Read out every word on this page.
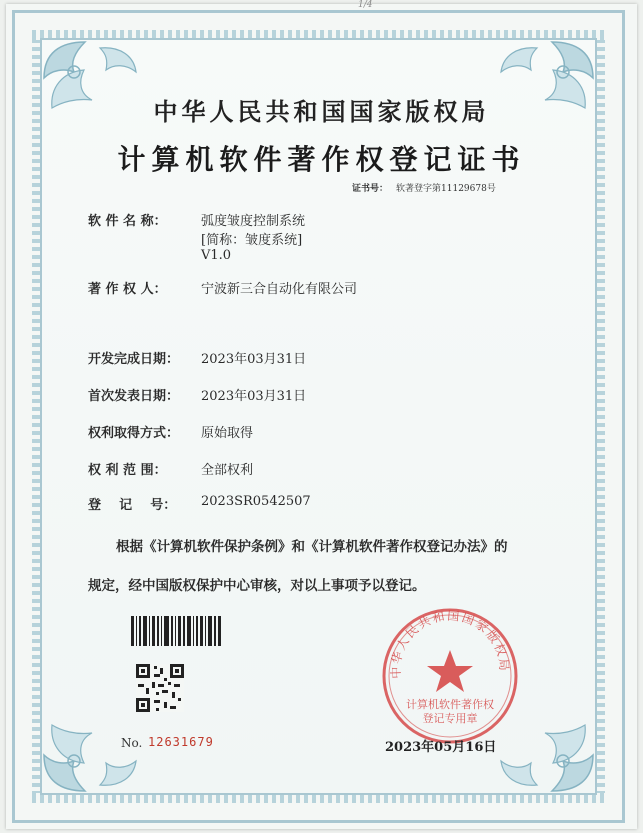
1/4
中华人民共和国国家版权局
计算机软件著作权登记证书
证书号： 软著登字第11129678号
软 件 名 称：	弧度皱度控制系统
[简称：皱度系统]
V1.0
著 作 权 人：	宁波新三合自动化有限公司
开发完成日期： 2023年03月31日
首次发表日期： 2023年03月31日
权利取得方式： 原始取得
权 利 范 围：	全部权利
登    记    号： 2023SR0542507
根据《计算机软件保护条例》和《计算机软件著作权登记办法》的
规定，经中国版权保护中心审核，对以上事项予以登记。
No. 12631679
中华人民共和国国家版权局
计算机软件著作权
登记专用章
2023年05月16日
